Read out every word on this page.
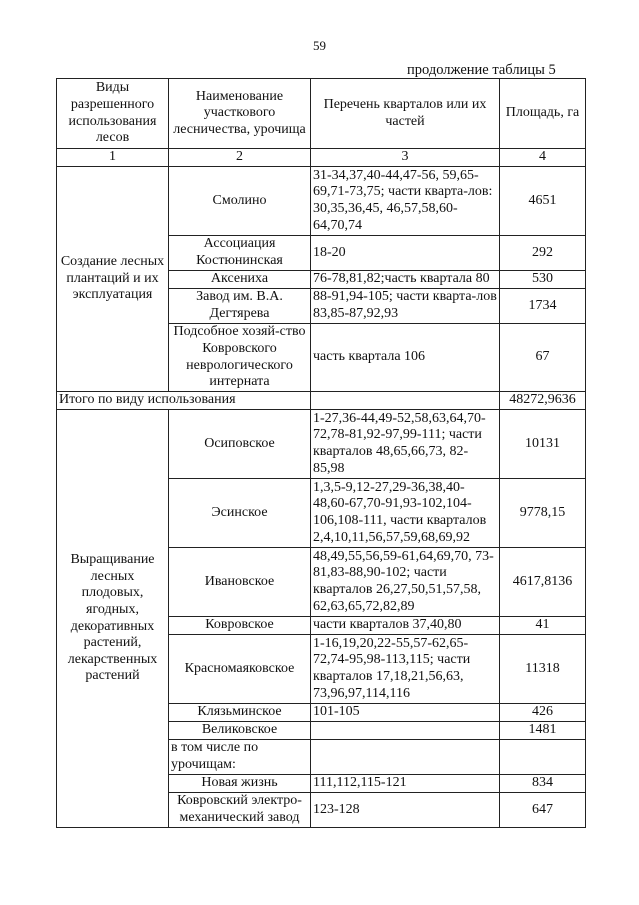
59
продолжение таблицы 5
Виды разрешенного использования лесов	Наименование участкового лесничества, урочища	Перечень кварталов или их частей	Площадь, га
1	2	3	4
Создание лесных плантаций и их эксплуатация	Смолино	31-34,37,40-44,47-56, 59,65-69,71-73,75; части квартa-лов: 30,35,36,45, 46,57,58,60-64,70,74	4651
	Ассоциация Костюнинская	18-20	292
	Аксениха	76-78,81,82;часть квартала 80	530
	Завод им. В.А. Дегтярева	88-91,94-105; части кварта-лов 83,85-87,92,93	1734
	Подсобное хозяй-ство Ковровского неврологического интерната	часть квартала 106	67
Итого по виду использования			48272,9636
Выращивание лесных плодовых, ягодных, декоративных растений, лекарственных растений	Осиповское	1-27,36-44,49-52,58,63,64,70-72,78-81,92-97,99-111; части кварталов 48,65,66,73, 82-85,98	10131
	Эсинское	1,3,5-9,12-27,29-36,38,40-48,60-67,70-91,93-102,104-106,108-111, части кварталов 2,4,10,11,56,57,59,68,69,92	9778,15
	Ивановское	48,49,55,56,59-61,64,69,70, 73-81,83-88,90-102; части кварталов 26,27,50,51,57,58, 62,63,65,72,82,89	4617,8136
	Ковровское	части кварталов 37,40,80	41
	Красномаяковское	1-16,19,20,22-55,57-62,65-72,74-95,98-113,115; части кварталов 17,18,21,56,63, 73,96,97,114,116	11318
	Клязьминское	101-105	426
	Великовское		1481
	в том числе по урочищам:		
	Новая жизнь	111,112,115-121	834
	Ковровский электро-механический завод	123-128	647
